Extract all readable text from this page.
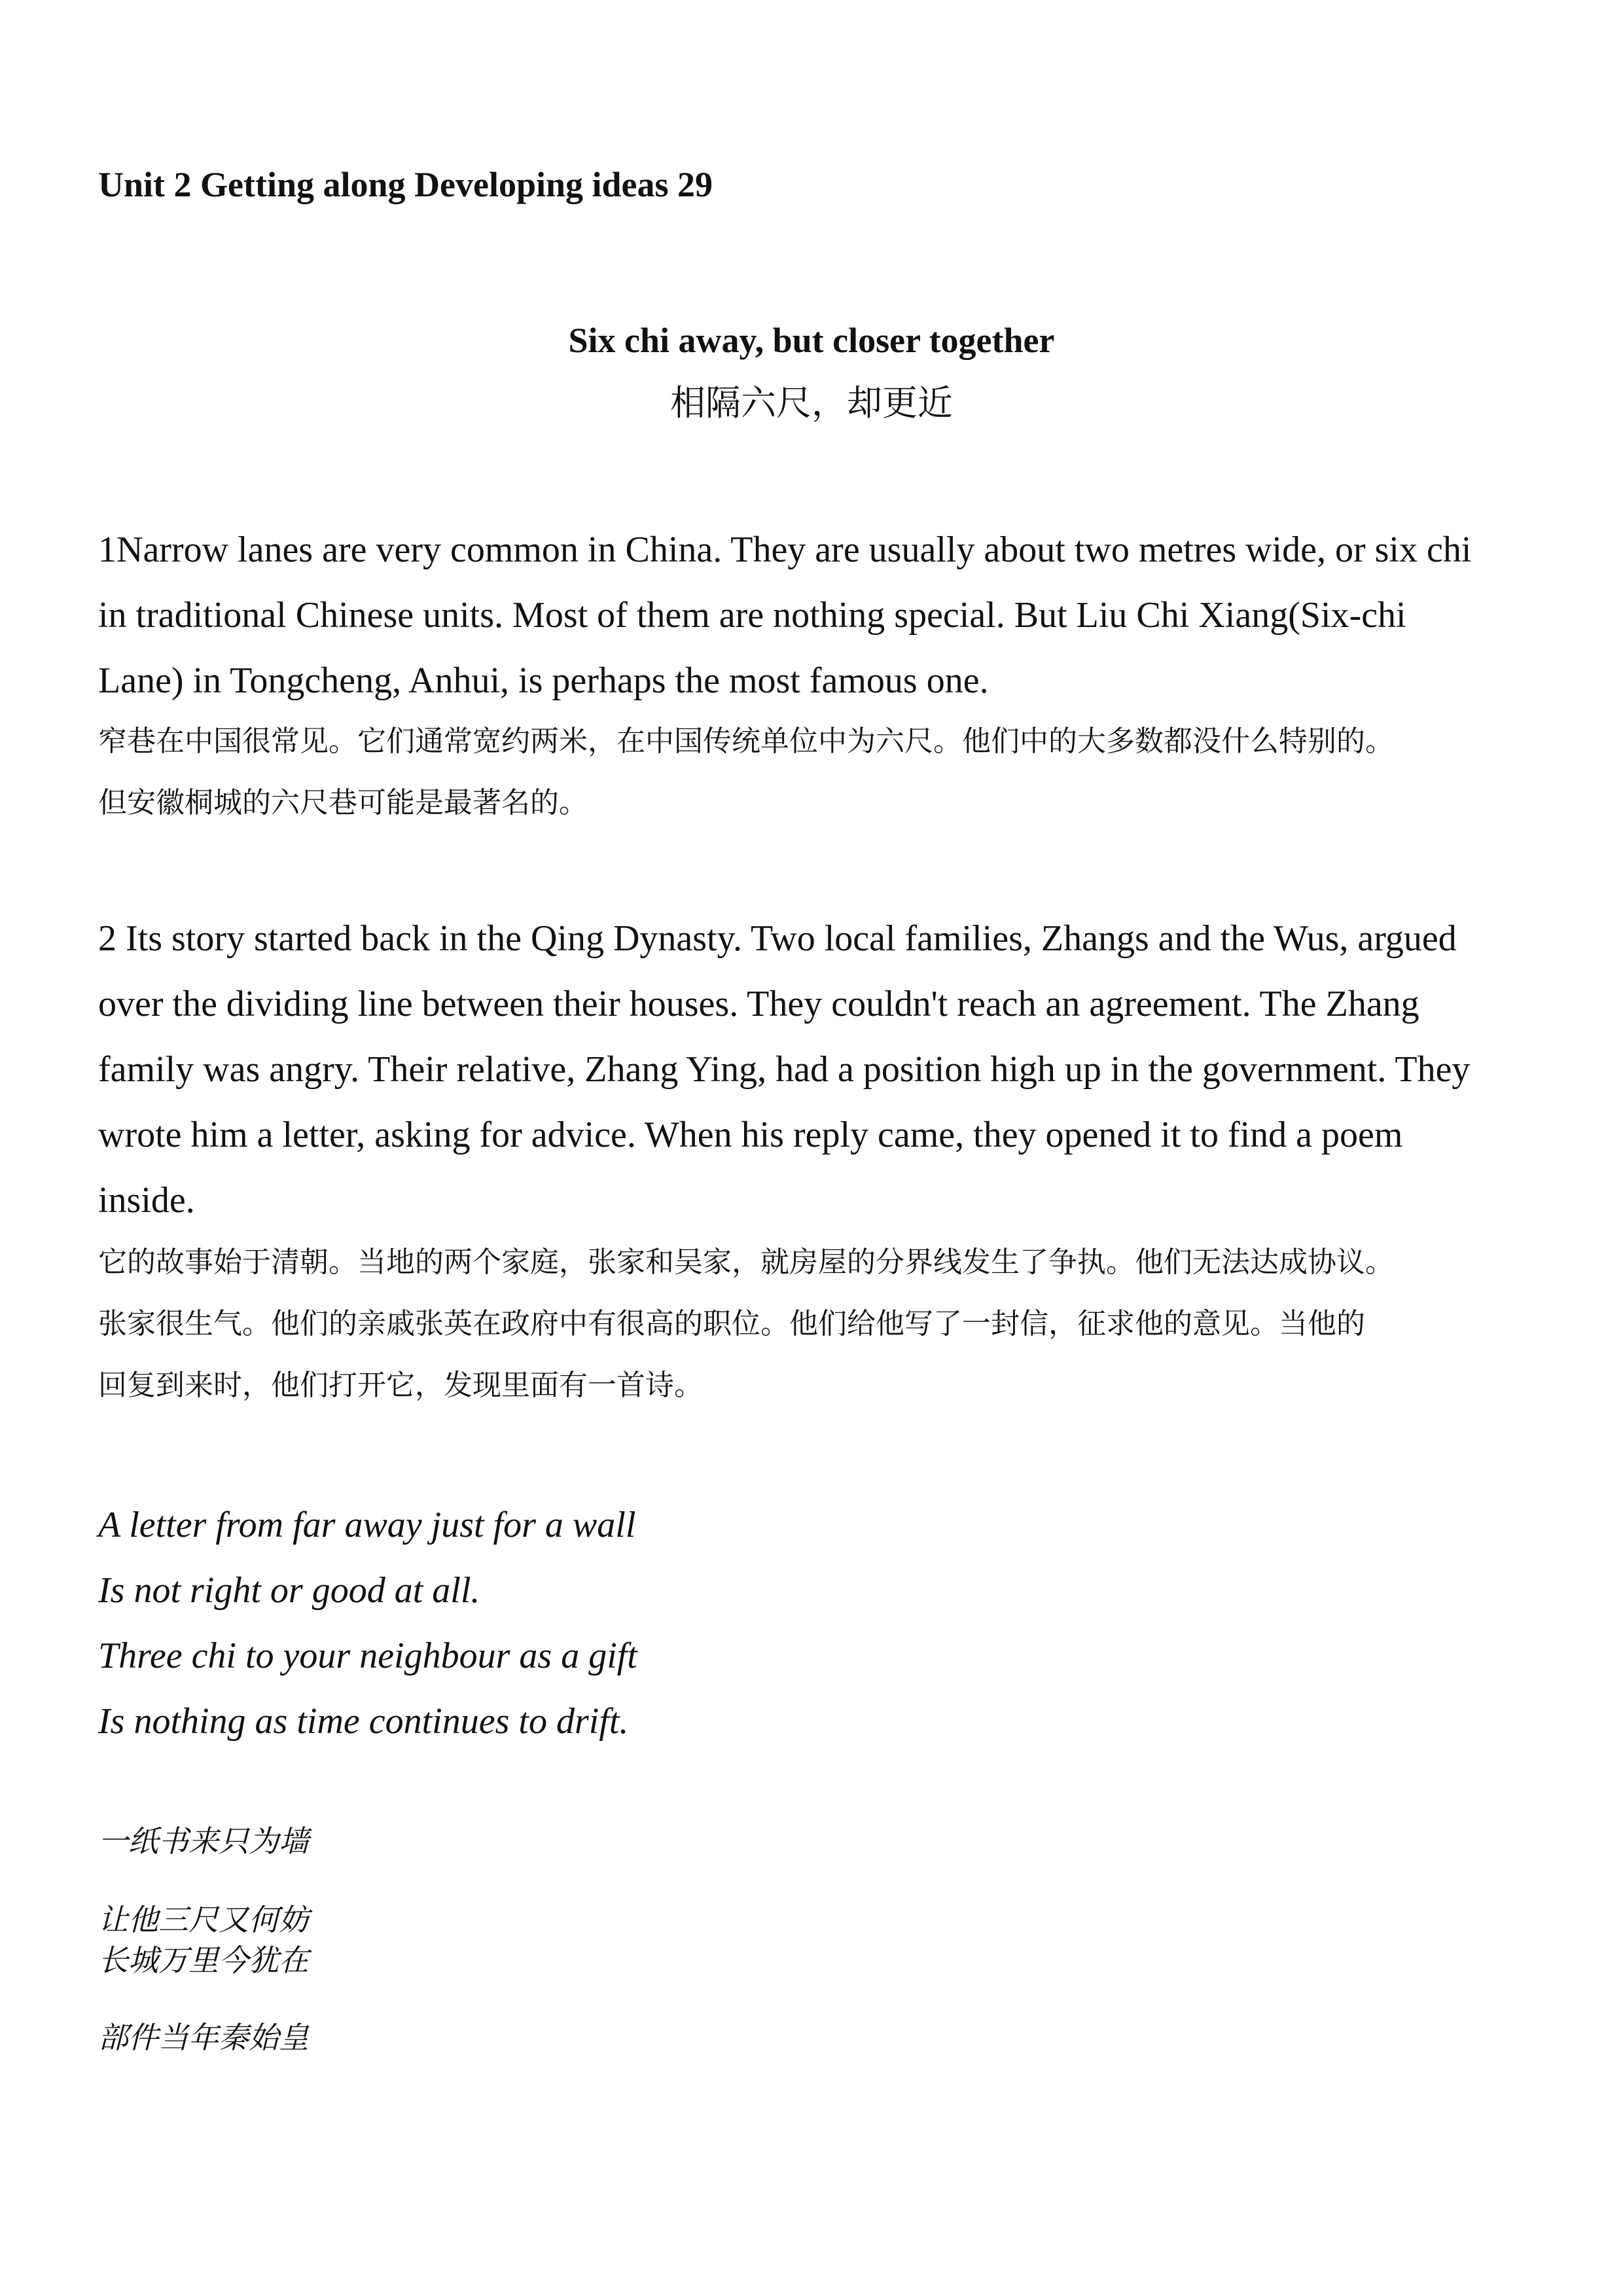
Unit 2 Getting along Developing ideas 29
Six chi away, but closer together
相隔六尺，却更近

1Narrow lanes are very common in China. They are usually about two metres wide, or six chi
in traditional Chinese units. Most of them are nothing special. But Liu Chi Xiang(Six-chi
Lane) in Tongcheng, Anhui, is perhaps the most famous one.

窄巷在中国很常见。它们通常宽约两米，在中国传统单位中为六尺。他们中的大多数都没什么特别的。
但安徽桐城的六尺巷可能是最著名的。

2 Its story started back in the Qing Dynasty. Two local families, Zhangs and the Wus, argued
over the dividing line between their houses. They couldn't reach an agreement. The Zhang
family was angry. Their relative, Zhang Ying, had a position high up in the government. They
wrote him a letter, asking for advice. When his reply came, they opened it to find a poem
inside.

它的故事始于清朝。当地的两个家庭，张家和吴家，就房屋的分界线发生了争执。他们无法达成协议。
张家很生气。他们的亲戚张英在政府中有很高的职位。他们给他写了一封信，征求他的意见。当他的
回复到来时，他们打开它，发现里面有一首诗。

A letter from far away just for a wall
Is not right or good at all.
Three chi to your neighbour as a gift
Is nothing as time continues to drift.
一纸书来只为墙
让他三尺又何妨
长城万里今犹在
部件当年秦始皇
